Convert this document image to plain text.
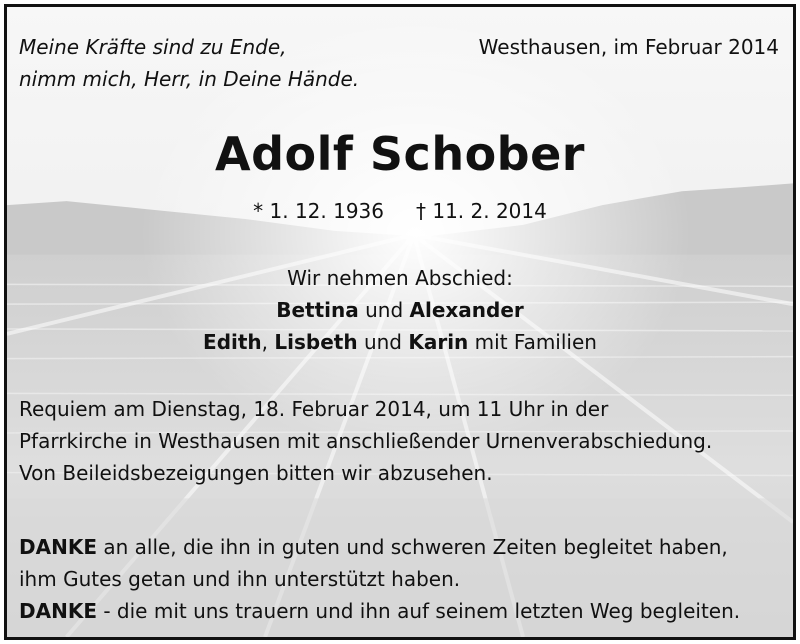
Meine Kräfte sind zu Ende,
nimm mich, Herr, in Deine Hände.
Westhausen, im Februar 2014
Adolf Schober
* 1. 12. 1936 † 11. 2. 2014
Wir nehmen Abschied:
Bettina und Alexander
Edith, Lisbeth und Karin mit Familien
Requiem am Dienstag, 18. Februar 2014, um 11 Uhr in der
Pfarrkirche in Westhausen mit anschließender Urnenverabschiedung.
Von Beileidsbezeigungen bitten wir abzusehen.
DANKE an alle, die ihn in guten und schweren Zeiten begleitet haben,
ihm Gutes getan und ihn unterstützt haben.
DANKE - die mit uns trauern und ihn auf seinem letzten Weg begleiten.
